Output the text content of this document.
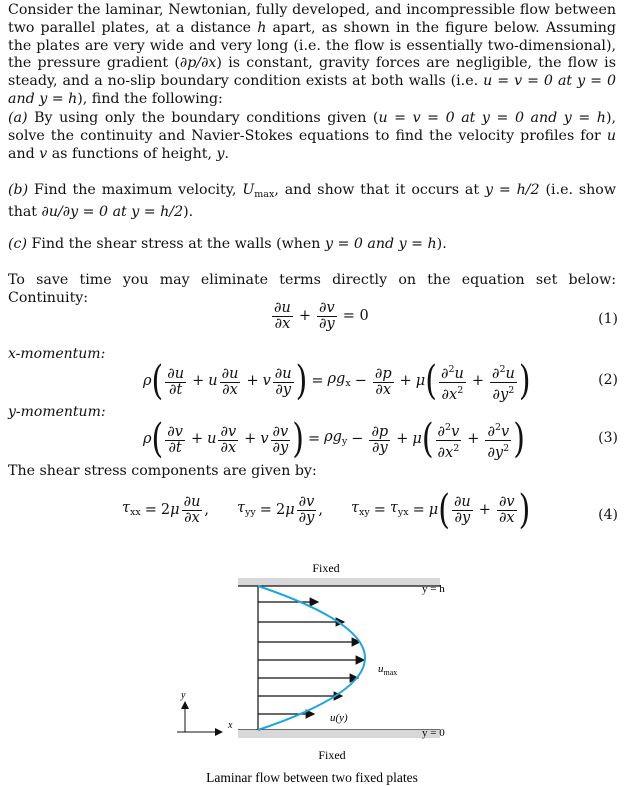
Consider the laminar, Newtonian, fully developed, and incompressible flow between two parallel plates, at a distance h apart, as shown in the figure below. Assuming the plates are very wide and very long (i.e. the flow is essentially two-dimensional), the pressure gradient (∂p/∂x) is constant, gravity forces are negligible, the flow is steady, and a no-slip boundary condition exists at both walls (i.e. u = v = 0 at y = 0 and y = h), find the following:
(a) By using only the boundary conditions given (u = v = 0 at y = 0 and y = h), solve the continuity and Navier-Stokes equations to find the velocity profiles for u and v as functions of height, y.
(b) Find the maximum velocity, $U_{max}$, and show that it occurs at y = h/2 (i.e. show that ∂u/∂y = 0 at y = h/2).
(c) Find the shear stress at the walls (when y = 0 and y = h).
To save time you may eliminate terms directly on the equation set below: Continuity:
$\frac{\partial u}{\partial x} + \frac{\partial v}{\partial y} = 0$	(1)
x-momentum:
ρ ( $\frac{\partial u}{\partial t} + u \frac{\partial u}{\partial x} + v \frac{\partial u}{\partial y}$ ) = $\rho g_x - \frac{\partial p}{\partial x} + \mu$ ( $\frac{\partial^2u}{\partial x^2} + \frac{\partial^2u}{\partial y^2}$ )	(2)
y-momentum:
ρ ( $\frac{\partial v}{\partial t} + u \frac{\partial v}{\partial x} + v \frac{\partial v}{\partial y}$ ) = $\rho g_y - \frac{\partial p}{\partial y} + \mu$ ( $\frac{\partial^2v}{\partial x^2} + \frac{\partial^2v}{\partial y^2}$ )	(3)
The shear stress components are given by:
$\tau_{xx} = 2$ μ $\frac{\partial u}{\partial x}$ , $\tau_{yy} = 2$ μ $\frac{\partial v}{\partial y}$ , $\tau_{xy} = \tau_{yx} = \mu$ ( $\frac{\partial u}{\partial y} + \frac{\partial v}{\partial x}$ )	(4)
Fixed
y = h
y = 0
$u_{max}$
u(y)
y
x
Fixed
Laminar flow between two fixed plates
